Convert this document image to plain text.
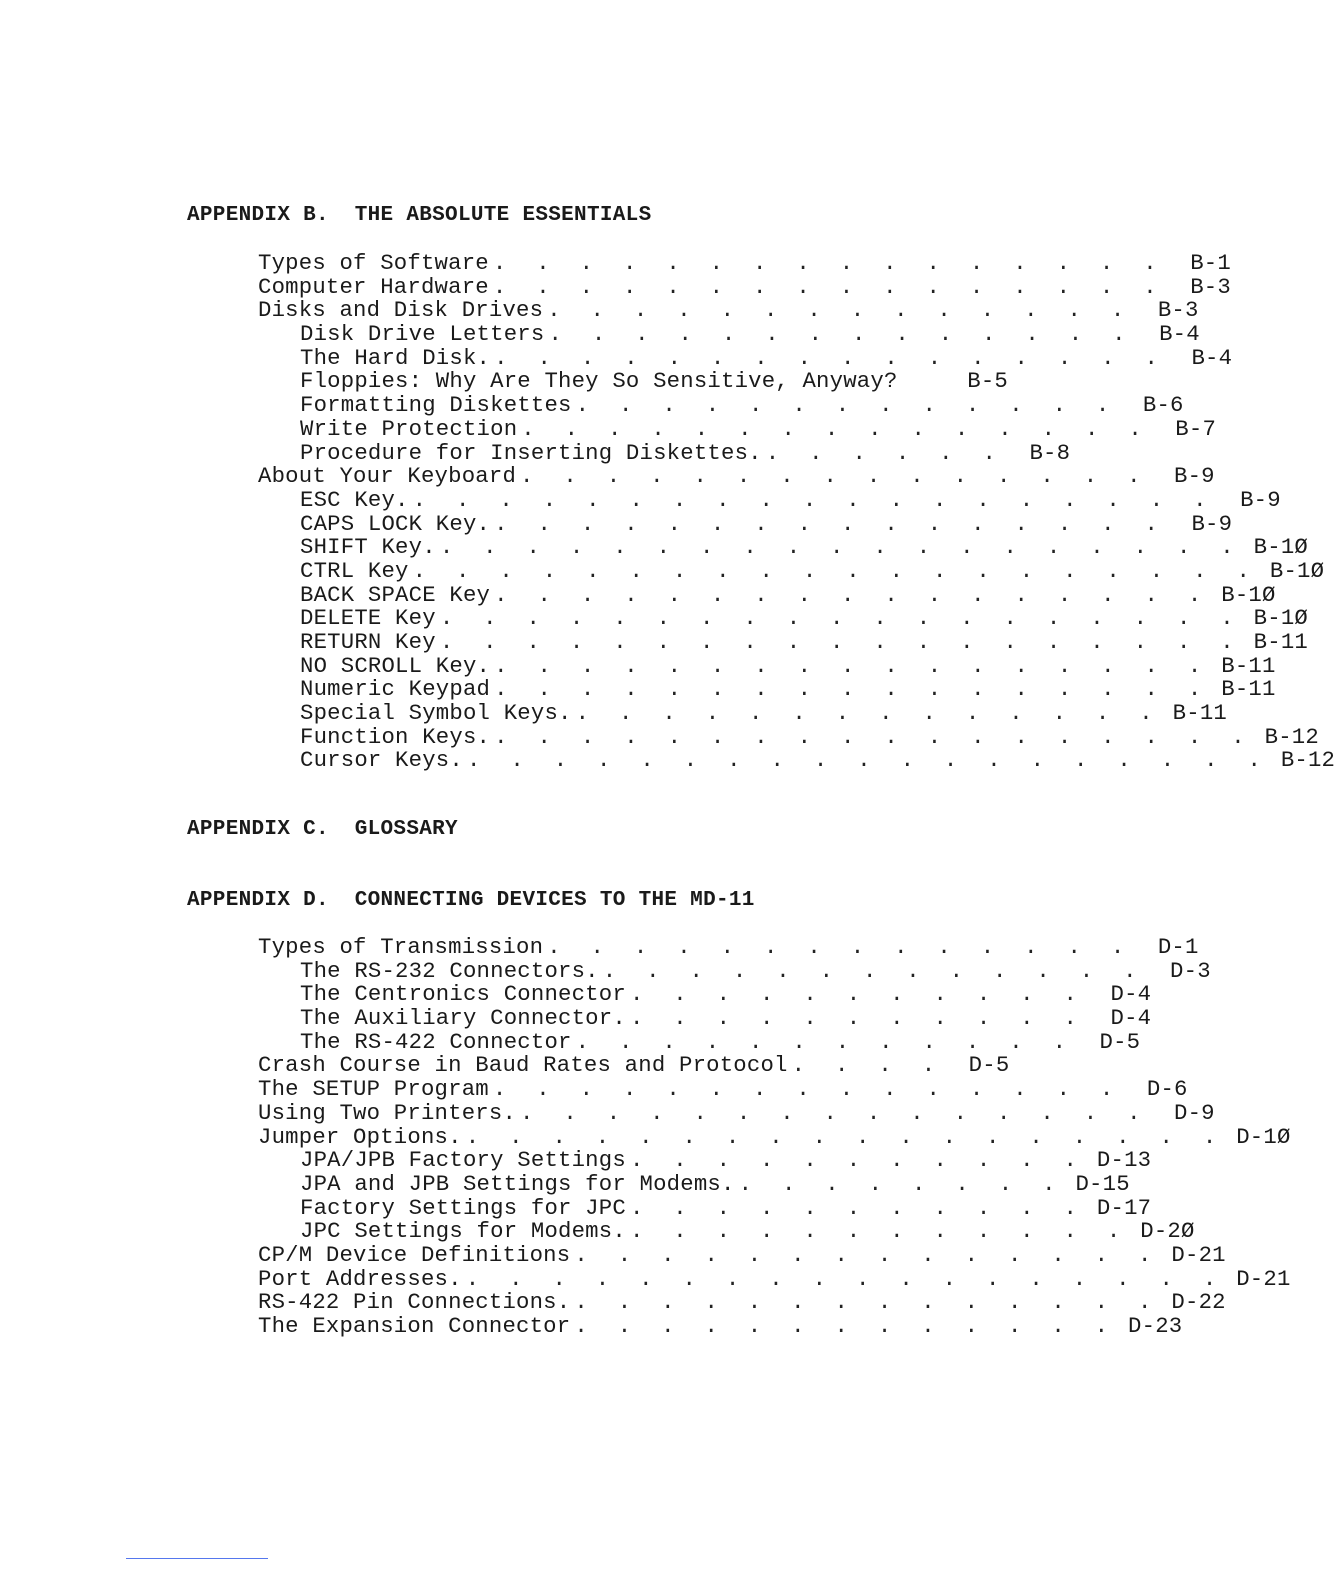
APPENDIX B.  THE ABSOLUTE ESSENTIALS
Types of Software . . . . . . . . . . . . . . . .	B-1
Computer Hardware . . . . . . . . . . . . . . . .	B-3
Disks and Disk Drives . . . . . . . . . . . . . .	B-3
Disk Drive Letters . . . . . . . . . . . . . .	B-4
The Hard Disk. . . . . . . . . . . . . . . . .	B-4
Floppies: Why Are They So Sensitive, Anyway?	B-5
Formatting Diskettes . . . . . . . . . . . . .	B-6
Write Protection . . . . . . . . . . . . . . .	B-7
Procedure for Inserting Diskettes. . . . . . .	B-8
About Your Keyboard . . . . . . . . . . . . . . .	B-9
ESC Key. . . . . . . . . . . . . . . . . . . .	B-9
CAPS LOCK Key. . . . . . . . . . . . . . . . .	B-9
SHIFT Key. . . . . . . . . . . . . . . . . . . . B-1Ø
CTRL Key . . . . . . . . . . . . . . . . . . . . B-1Ø
BACK SPACE Key . . . . . . . . . . . . . . . . . B-1Ø
DELETE Key . . . . . . . . . . . . . . . . . . . B-1Ø
RETURN Key . . . . . . . . . . . . . . . . . . . B-11
NO SCROLL Key. . . . . . . . . . . . . . . . . . B-11
Numeric Keypad . . . . . . . . . . . . . . . . . B-11
Special Symbol Keys. . . . . . . . . . . . . . . B-11
Function Keys. . . . . . . . . . . . . . . . . . . B-12
Cursor Keys. . . . . . . . . . . . . . . . . . . . B-12
APPENDIX C.  GLOSSARY
APPENDIX D.  CONNECTING DEVICES TO THE MD-11
Types of Transmission . . . . . . . . . . . . . .	D-1
The RS-232 Connectors. . . . . . . . . . . . . .	D-3
The Centronics Connector . . . . . . . . . . .	D-4
The Auxiliary Connector. . . . . . . . . . . .	D-4
The RS-422 Connector . . . . . . . . . . . .	D-5
Crash Course in Baud Rates and Protocol . . . .	D-5
The SETUP Program . . . . . . . . . . . . . . .	D-6
Using Two Printers. . . . . . . . . . . . . . . .	D-9
Jumper Options. . . . . . . . . . . . . . . . . . . D-1Ø
JPA/JPB Factory Settings . . . . . . . . . . . D-13
JPA and JPB Settings for Modems. . . . . . . . . D-15
Factory Settings for JPC . . . . . . . . . . . D-17
JPC Settings for Modems. . . . . . . . . . . . . D-2Ø
CP/M Device Definitions . . . . . . . . . . . . . . D-21
Port Addresses. . . . . . . . . . . . . . . . . . . D-21
RS-422 Pin Connections. . . . . . . . . . . . . . . D-22
The Expansion Connector . . . . . . . . . . . . . D-23
